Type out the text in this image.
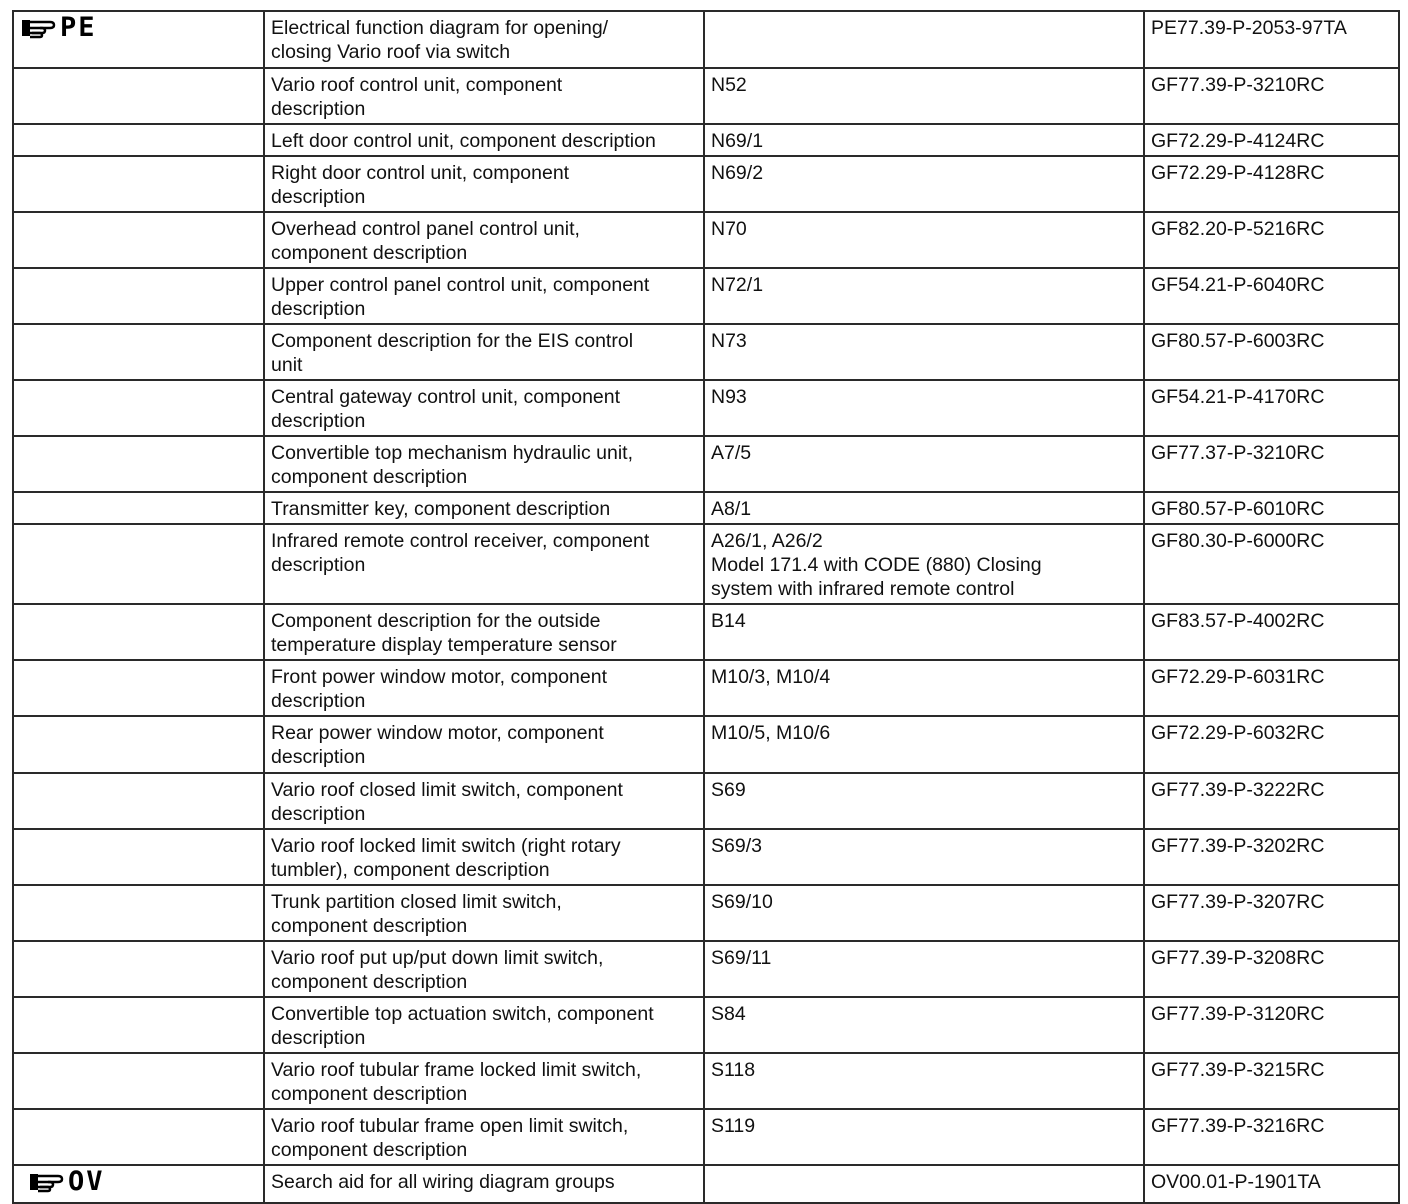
PE	Electrical function diagram for opening/
closing Vario roof via switch		PE77.39-P-2053-97TA

	Vario roof control unit, component
description	N52	GF77.39-P-3210RC

	Left door control unit, component description	N69/1	GF72.29-P-4124RC

	Right door control unit, component
description	N69/2	GF72.29-P-4128RC

	Overhead control panel control unit,
component description	N70	GF82.20-P-5216RC

	Upper control panel control unit, component
description	N72/1	GF54.21-P-6040RC

	Component description for the EIS control
unit	N73	GF80.57-P-6003RC

	Central gateway control unit, component
description	N93	GF54.21-P-4170RC

	Convertible top mechanism hydraulic unit,
component description	A7/5	GF77.37-P-3210RC

	Transmitter key, component description	A8/1	GF80.57-P-6010RC

	Infrared remote control receiver, component
description	A26/1, A26/2
Model 171.4 with CODE (880) Closing
system with infrared remote control	GF80.30-P-6000RC

	Component description for the outside
temperature display temperature sensor	B14	GF83.57-P-4002RC

	Front power window motor, component
description	M10/3, M10/4	GF72.29-P-6031RC

	Rear power window motor, component
description	M10/5, M10/6	GF72.29-P-6032RC

	Vario roof closed limit switch, component
description	S69	GF77.39-P-3222RC

	Vario roof locked limit switch (right rotary
tumbler), component description	S69/3	GF77.39-P-3202RC

	Trunk partition closed limit switch,
component description	S69/10	GF77.39-P-3207RC

	Vario roof put up/put down limit switch,
component description	S69/11	GF77.39-P-3208RC

	Convertible top actuation switch, component
description	S84	GF77.39-P-3120RC

	Vario roof tubular frame locked limit switch,
component description	S118	GF77.39-P-3215RC

	Vario roof tubular frame open limit switch,
component description	S119	GF77.39-P-3216RC

OV	Search aid for all wiring diagram groups		OV00.01-P-1901TA
